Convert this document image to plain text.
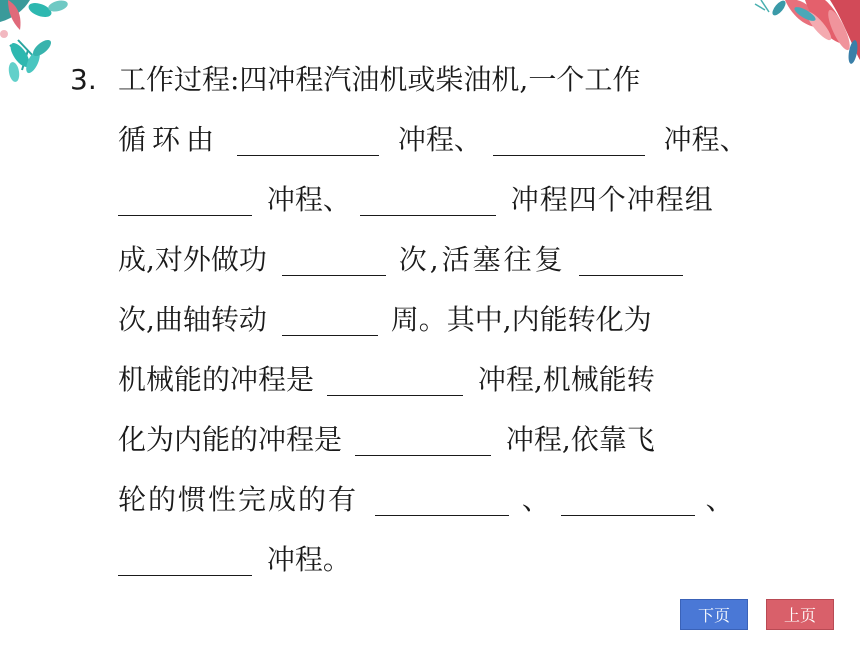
3. 工作过程:四冲程汽油机或柴油机,一个工作
循环由	冲程、	冲程、
冲程、	冲程四个冲程组
成,对外做功	次,活塞往复
次,曲轴转动	周。其中,内能转化为
机械能的冲程是	冲程,机械能转
化为内能的冲程是	冲程,依靠飞
轮的惯性完成的有	、	、
冲程。
下页	上页
